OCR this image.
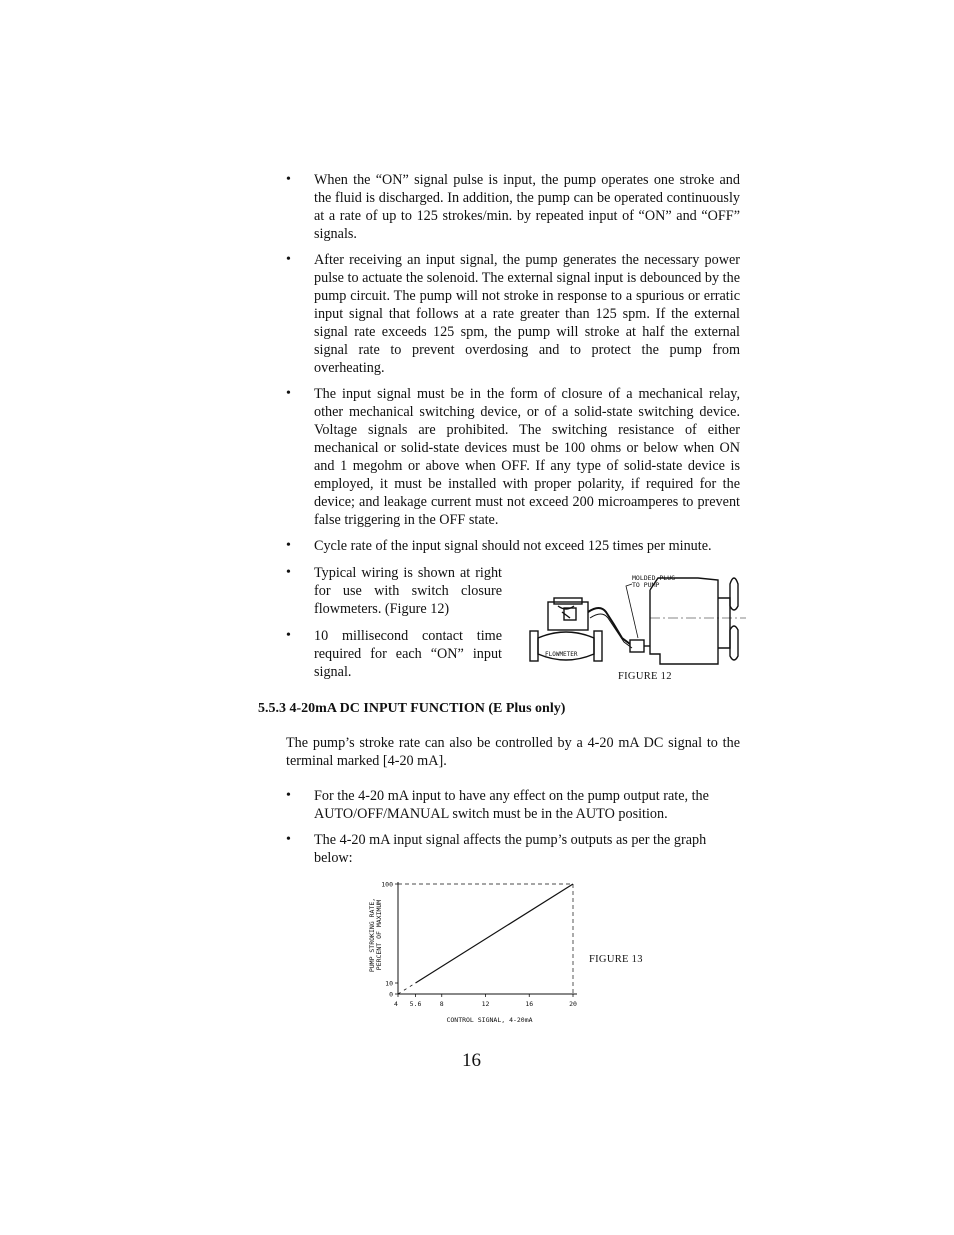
• When the “ON” signal pulse is input, the pump operates one stroke and the fluid is discharged. In addition, the pump can be operated continuously at a rate of up to 125 strokes/min. by repeated input of “ON” and “OFF” signals.
• After receiving an input signal, the pump generates the necessary power pulse to actuate the solenoid. The external signal input is debounced by the pump circuit. The pump will not stroke in response to a spurious or erratic input signal that follows at a rate greater than 125 spm. If the external signal rate exceeds 125 spm, the pump will stroke at half the external signal rate to prevent overdosing and to protect the pump from overheating.
• The input signal must be in the form of closure of a mechanical relay, other mechanical switching device, or of a solid-state switching device. Voltage signals are prohibited. The switching resistance of either mechanical or solid-state devices must be 100 ohms or below when ON and 1 megohm or above when OFF. If any type of solid-state device is employed, it must be installed with proper polarity, if required for the device; and leakage current must not exceed 200 microamperes to prevent false triggering in the OFF state.
• Cycle rate of the input signal should not exceed 125 times per minute.
• Typical wiring is shown at right for use with switch closure flowmeters. (Figure 12)
• 10 millisecond contact time required for each “ON” input signal.
MOLDED PLUG
TO PUMP
FLOWMETER
FIGURE 12
5.5.3 4-20mA DC INPUT FUNCTION (E Plus only)
The pump’s stroke rate can also be controlled by a 4-20 mA DC signal to the terminal marked [4-20 mA].
• For the 4-20 mA input to have any effect on the pump output rate, the AUTO/OFF/MANUAL switch must be in the AUTO position.
• The 4-20 mA input signal affects the pump’s outputs as per the graph below:
4 5.6	8	12	16	20
0
10
100
CONTROL SIGNAL, 4-20mA
PUMP STROKING RATE, PERCENT OF MAXIMUM	FIGURE 13
16
